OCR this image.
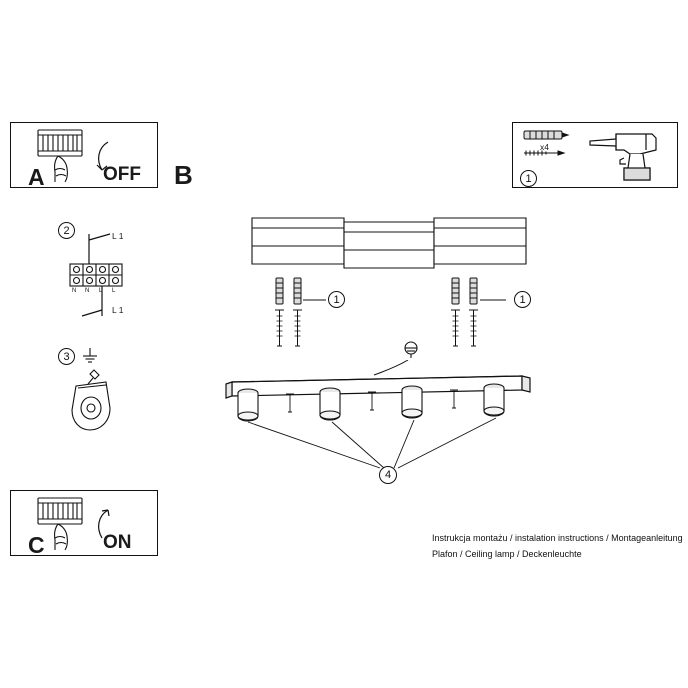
A	OFF
C	ON
1
x4
B
2
N N L L
L 1
L 1
3
1	1
4
Instrukcja montażu / instalation instructions / Montageanleitung
Plafon / Ceiling lamp / Deckenleuchte
